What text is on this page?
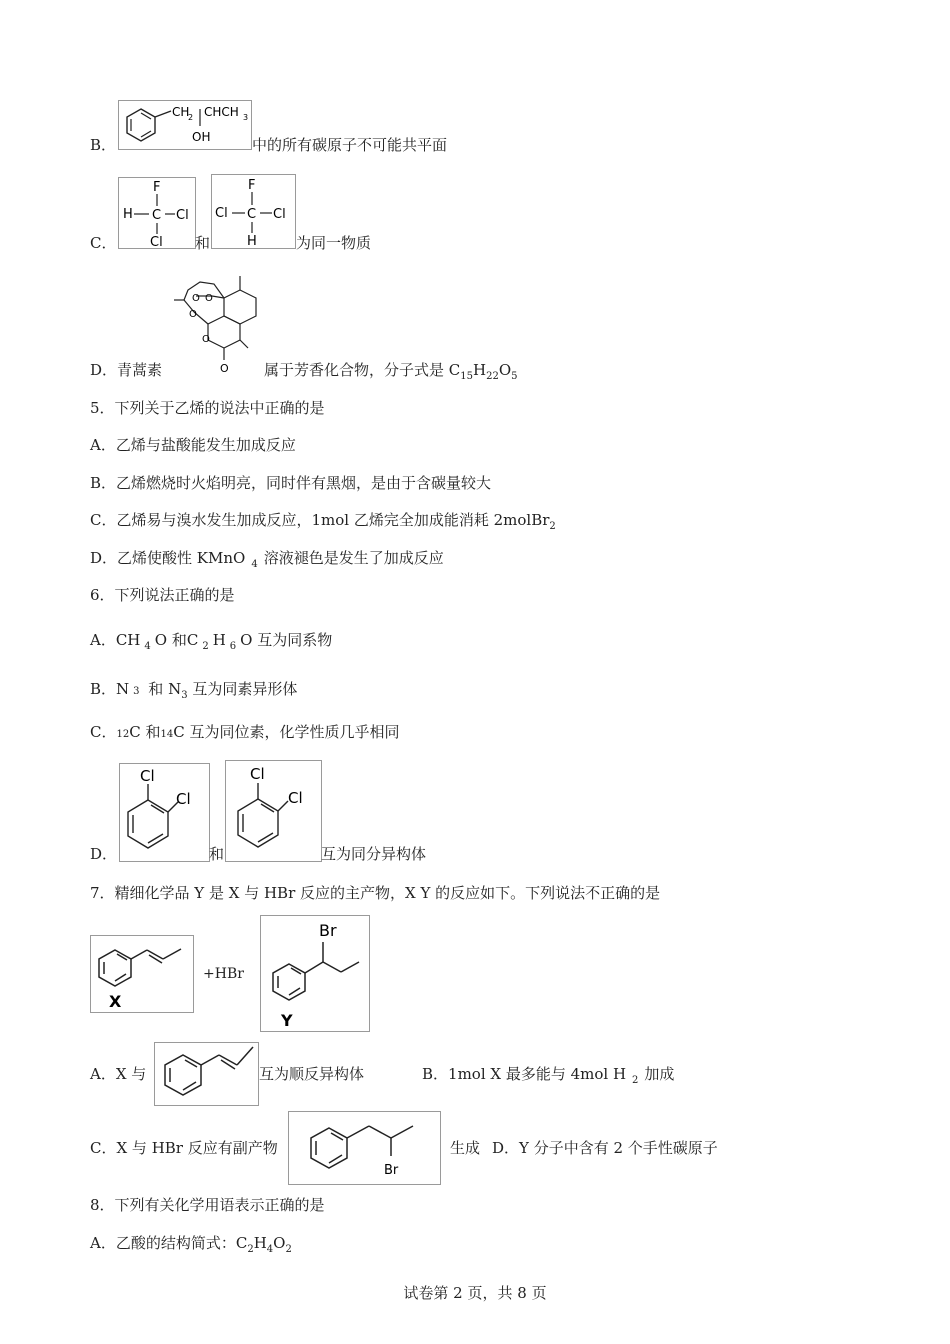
CH
2 CHCH 3
OH
B．	中的所有碳原子不可能共平面
F
H C Cl
Cl
F
Cl C Cl
H
C．	和	为同一物质
O O
O
O
O
D．青蒿素	属于芳香化合物，分子式是 $C_{15}H_{22}O_5$
5．下列关于乙烯的说法中正确的是
A．乙烯与盐酸能发生加成反应
B．乙烯燃烧时火焰明亮，同时伴有黑烟，是由于含碳量较大
C．乙烯易与溴水发生加成反应，1mol 乙烯完全加成能消耗 2molBr$_2$
D．乙烯使酸性 KMnO $_4$ 溶液褪色是发生了加成反应
6．下列说法正确的是
A．CH $_4$ O 和C $_2$ H $_6$ O 互为同系物
B．N 3 和 $N_3$ 互为同素异形体
C．12C 和14C 互为同位素，化学性质几乎相同
Cl
Cl
Cl
Cl
D．	和	互为同分异构体
7．精细化学品 Y 是 X 与 HBr 反应的主产物，X Y 的反应如下。下列说法不正确的是
X
+HBr
Br
Y
A．X 与	互为顺反异构体	B．1mol X 最多能与 4mol H $_2$ 加成
C．X 与 HBr 反应有副产物
Br
生成 D．Y 分子中含有 2 个手性碳原子
8．下列有关化学用语表示正确的是
A．乙酸的结构简式：$C_2H_4O_2$
试卷第 2 页，共 8 页
